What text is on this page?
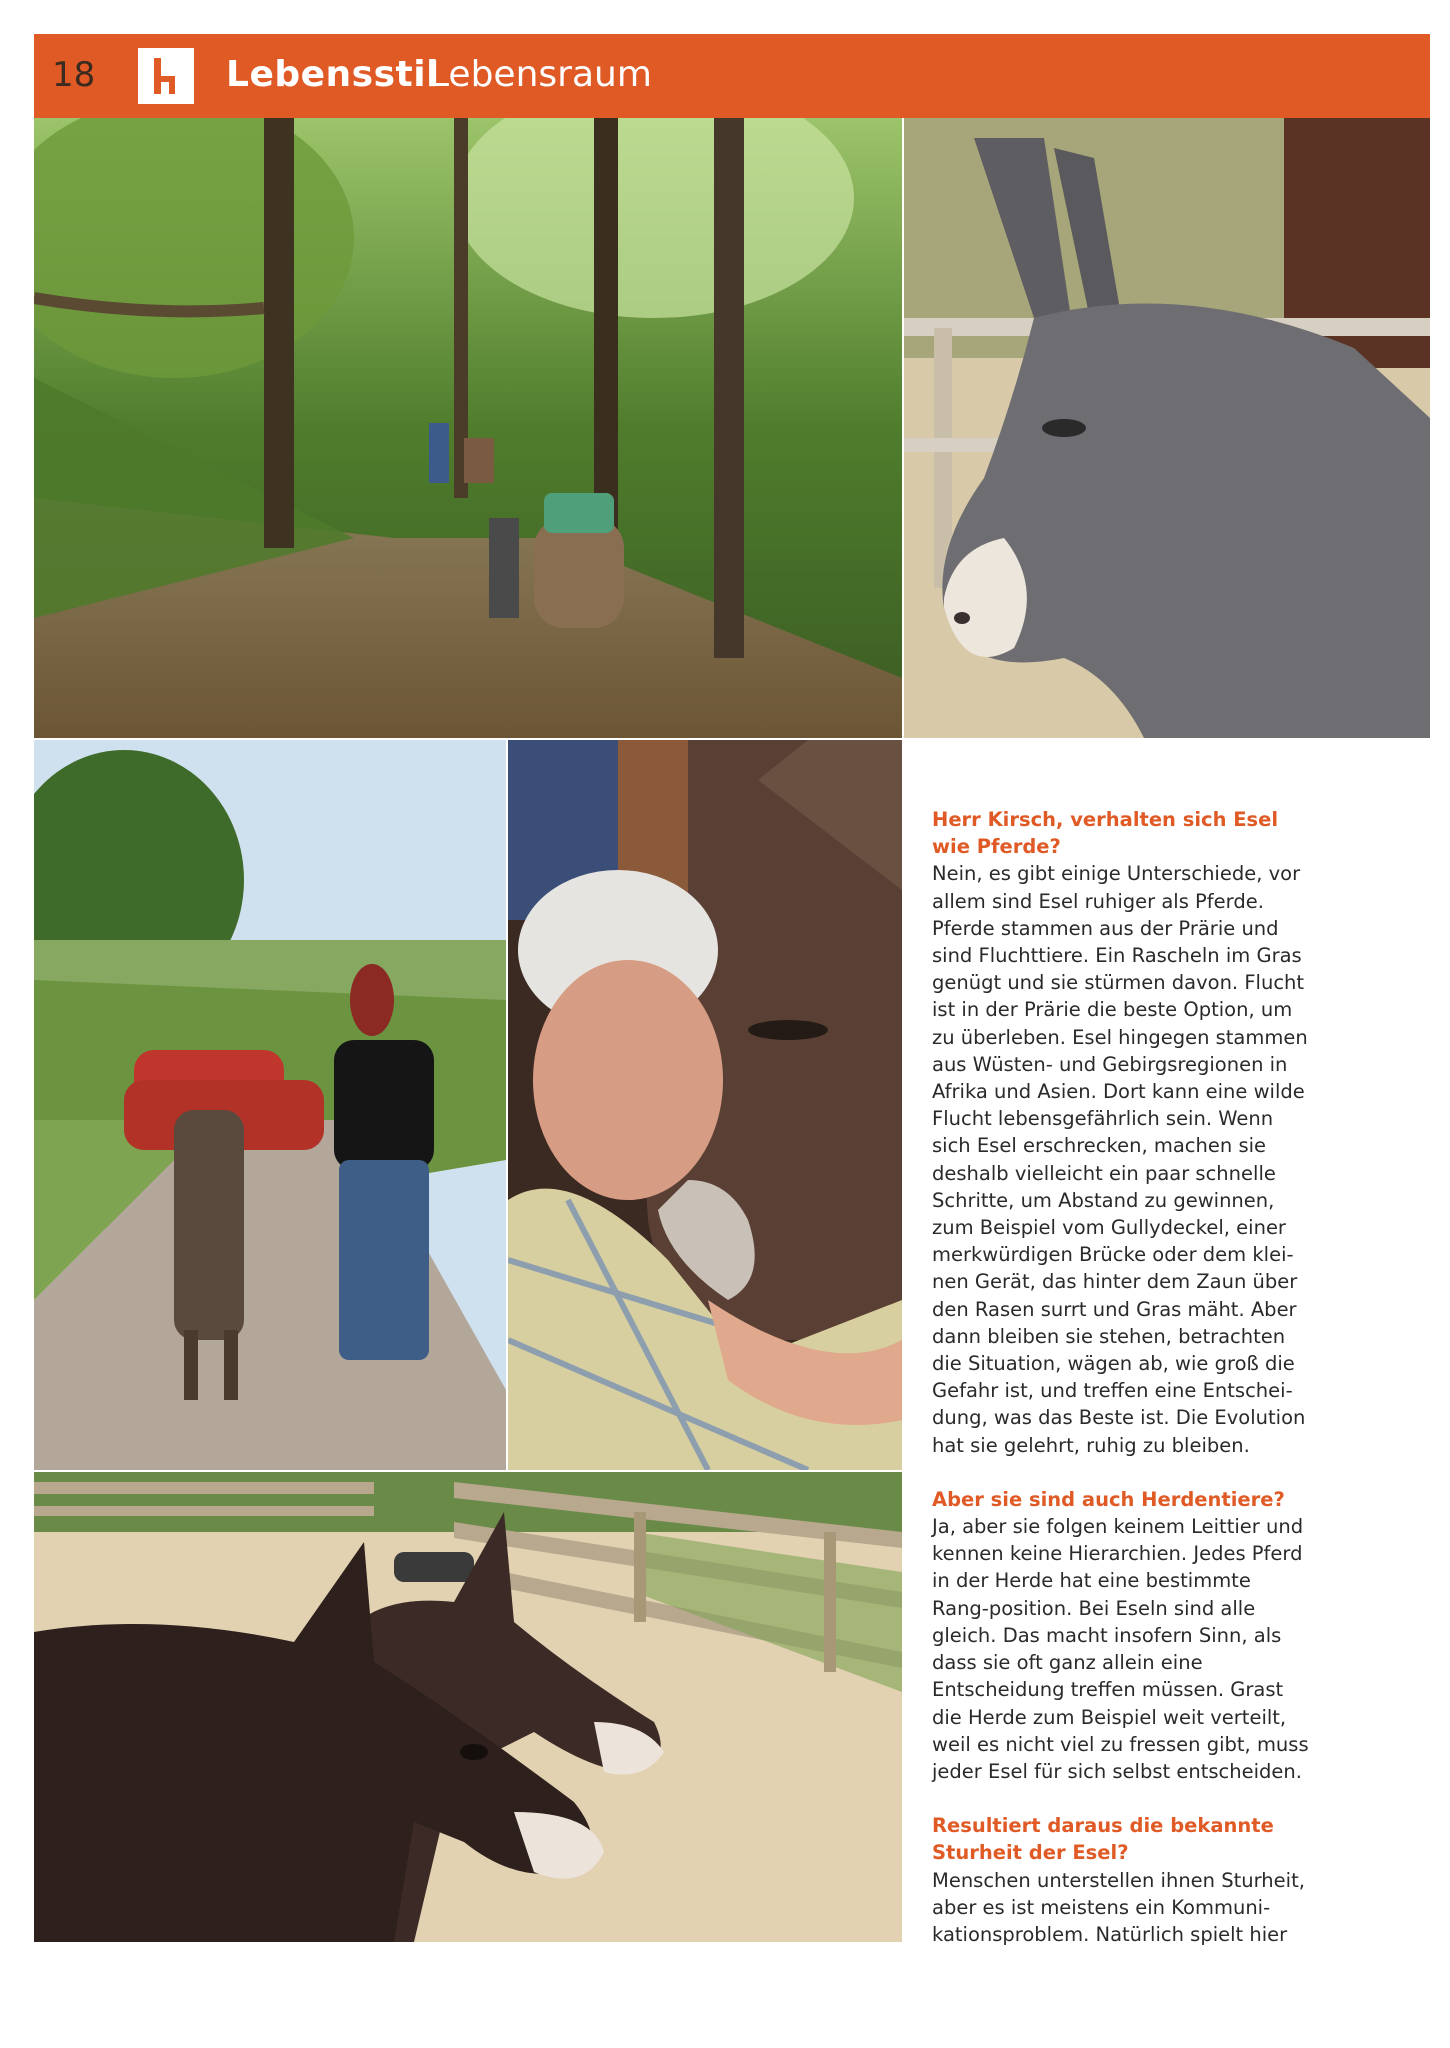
18	Lebensstil
Lebensraum

Herr Kirsch, verhalten sich Esel wie Pferde?

Nein, es gibt einige Unterschiede, vor allem sind Esel ruhiger als Pferde. Pferde stammen aus der Prärie und sind Fluchttiere. Ein Rascheln im Gras genügt und sie stürmen davon. Flucht ist in der Prärie die beste Option, um zu überleben. Esel hingegen stammen aus Wüsten- und Gebirgsregionen in Afrika und Asien. Dort kann eine wilde Flucht lebensgefährlich sein. Wenn sich Esel erschrecken, machen sie deshalb vielleicht ein paar schnelle Schritte, um Abstand zu gewinnen, zum Beispiel vom Gullydeckel, einer merkwürdigen Brücke oder dem klei-nen Gerät, das hinter dem Zaun über den Rasen surrt und Gras mäht. Aber dann bleiben sie stehen, betrachten die Situation, wägen ab, wie groß die Gefahr ist, und treffen eine Entschei-dung, was das Beste ist. Die Evolution hat sie gelehrt, ruhig zu bleiben.

Aber sie sind auch Herdentiere?

Ja, aber sie folgen keinem Leittier und kennen keine Hierarchien. Jedes Pferd in der Herde hat eine bestimmte Rang-position. Bei Eseln sind alle gleich. Das macht insofern Sinn, als dass sie oft ganz allein eine Entscheidung treffen müssen. Grast die Herde zum Beispiel weit verteilt, weil es nicht viel zu fressen gibt, muss jeder Esel für sich selbst entscheiden.

Resultiert daraus die bekannte Sturheit der Esel?

Menschen unterstellen ihnen Sturheit, aber es ist meistens ein Kommuni-kationsproblem. Natürlich spielt hier
